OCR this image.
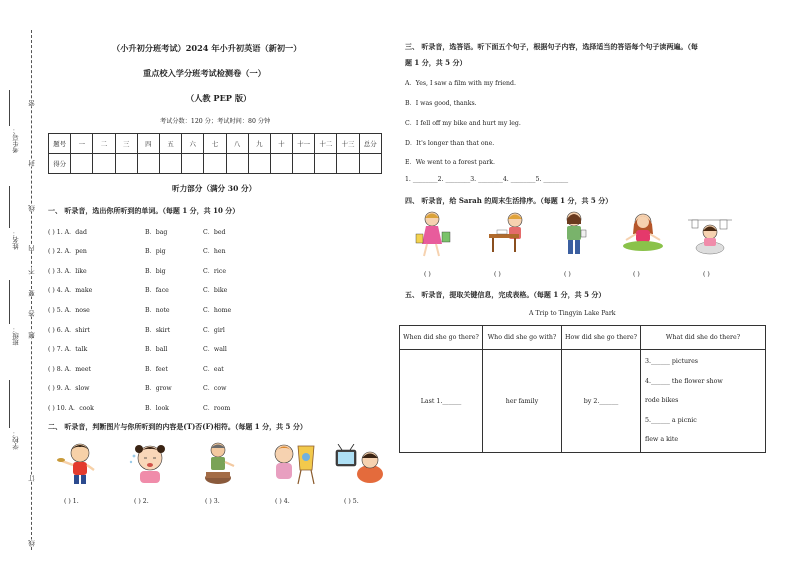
考生号：
姓名：
班级：
学校：
密
封
线
内
不
要
答
题
订
线
（小升初分班考试）2024 年小升初英语（新初一）
重点校入学分班考试检测卷（一）
（人教 PEP 版）
考试分数：120 分；考试时间：80 分钟
题号	一	二	三	四	五	六	七	八	九	十	十一	十二	十三	总分
得分														
听力部分（满分 30 分）
一、 听录音，选出你所听到的单词。（每题 1 分，共 10 分）
( ) 1. A．dad	B．bag	C．bed
( ) 2. A．pen	B．pig	C．hen
( ) 3. A．like	B．big	C．rice
( ) 4. A．make	B．face	C．bike
( ) 5. A．nose	B．note	C．home
( ) 6. A．shirt	B．skirt	C．girl
( ) 7. A．talk	B．ball	C．wall
( ) 8. A．meet	B．feet	C．eat
( ) 9. A．slow	B．grow	C．cow
( ) 10. A．cook	B．look	C．room
二、 听录音，判断图片与你所听到的内容是(T)否(F)相符。（每题 1 分，共 5 分）
( ) 1.	( ) 2.	( ) 3.	( ) 4.	( ) 5.
三、 听录音，选答语。听下面五个句子，根据句子内容，选择适当的答语每个句子读两遍。（每
题 1 分，共 5 分）
A．Yes, I saw a film with my friend.
B．I was good, thanks.
C．I fell off my bike and hurt my leg.
D．It's longer than that one.
E．We went to a forest park.
1. ________2. ________3. ________4. ________5. ________
四、 听录音，给 Sarah 的周末生活排序。（每题 1 分，共 5 分）
( )	( )	( )	( )	( )
五、 听录音，提取关键信息，完成表格。（每题 1 分，共 5 分）
A Trip to Tingyin Lake Park
When did she go there?	Who did she go with?	How did she go there?	What did she do there?
Last 1.______	her family	by 2.______	3.______ pictures
4.______ the flower show
rode bikes
5.______ a picnic
flew a kite
